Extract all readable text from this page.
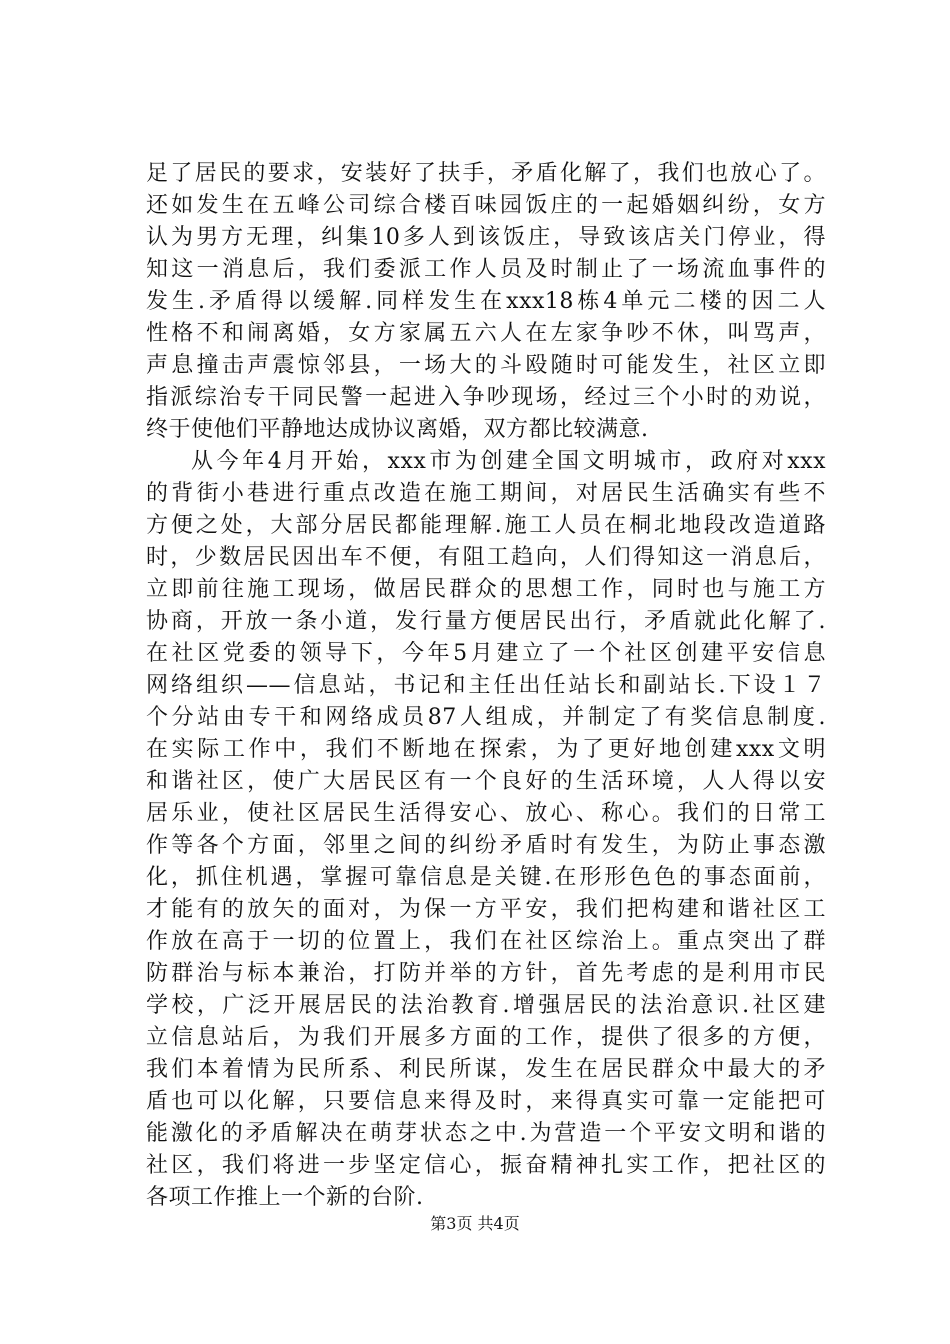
足了居民的要求，安装好了扶手，矛盾化解了，我们也放心了。
还如发生在五峰公司综合楼百味园饭庄的一起婚姻纠纷，女方
认为男方无理，纠集10多人到该饭庄，导致该店关门停业，得
知这一消息后，我们委派工作人员及时制止了一场流血事件的
发生.矛盾得以缓解.同样发生在xxx18栋4单元二楼的因二人
性格不和闹离婚，女方家属五六人在左家争吵不休，叫骂声，
声息撞击声震惊邻县，一场大的斗殴随时可能发生，社区立即
指派综治专干同民警一起进入争吵现场，经过三个小时的劝说，
终于使他们平静地达成协议离婚，双方都比较满意.
从今年4月开始，xxx市为创建全国文明城市，政府对xxx
的背街小巷进行重点改造在施工期间，对居民生活确实有些不
方便之处，大部分居民都能理解.施工人员在桐北地段改造道路
时，少数居民因出车不便，有阻工趋向，人们得知这一消息后，
立即前往施工现场，做居民群众的思想工作，同时也与施工方
协商，开放一条小道，发行量方便居民出行，矛盾就此化解了.
在社区党委的领导下，今年5月建立了一个社区创建平安信息
网络组织——信息站，书记和主任出任站长和副站长.下设１７
个分站由专干和网络成员87人组成，并制定了有奖信息制度.
在实际工作中，我们不断地在探索，为了更好地创建xxx文明
和谐社区，使广大居民区有一个良好的生活环境，人人得以安
居乐业，使社区居民生活得安心、放心、称心。我们的日常工
作等各个方面，邻里之间的纠纷矛盾时有发生，为防止事态激
化，抓住机遇，掌握可靠信息是关键.在形形色色的事态面前，
才能有的放矢的面对，为保一方平安，我们把构建和谐社区工
作放在高于一切的位置上，我们在社区综治上。重点突出了群
防群治与标本兼治，打防并举的方针，首先考虑的是利用市民
学校，广泛开展居民的法治教育.增强居民的法治意识.社区建
立信息站后，为我们开展多方面的工作，提供了很多的方便，
我们本着情为民所系、利民所谋，发生在居民群众中最大的矛
盾也可以化解，只要信息来得及时，来得真实可靠一定能把可
能激化的矛盾解决在萌芽状态之中.为营造一个平安文明和谐的
社区，我们将进一步坚定信心，振奋精神扎实工作，把社区的
各项工作推上一个新的台阶.
第3页 共4页
